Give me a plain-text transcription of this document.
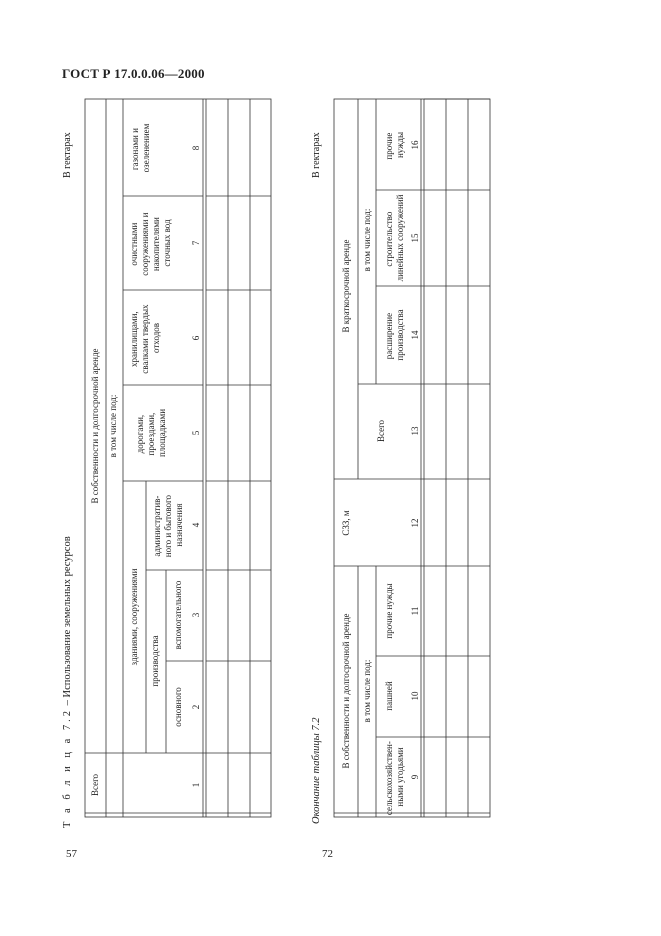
ГОСТ Р 17.0.0.06—2000
57	72
Т а б л и ц а 7.2 – Использование земельных ресурсов
В гектарах
Окончание таблицы 7.2
В гектарах
Всего
В собственности и долгосрочной аренде в том числе под:
зданиями, сооружениями производства
основного
вспомогательного
административ- ного и бытового назначения
дорогами, проездами, площадками
хранилищами, свалками твердых отходов
очистными сооружениями и накопителями сточных вод
газонами и озеленением
1
2
3
4
5
6
7
8
В собственности и долгосрочной аренде в том числе под:
сельскохозяйствен- ными угодьями
пашней
прочие нужды
СЗЗ, м
В краткосрочной аренде
Всего
в том числе под:
расширение производства
строительство линейных сооружений
прочие нужды
9
10
11
12
13
14
15
16
